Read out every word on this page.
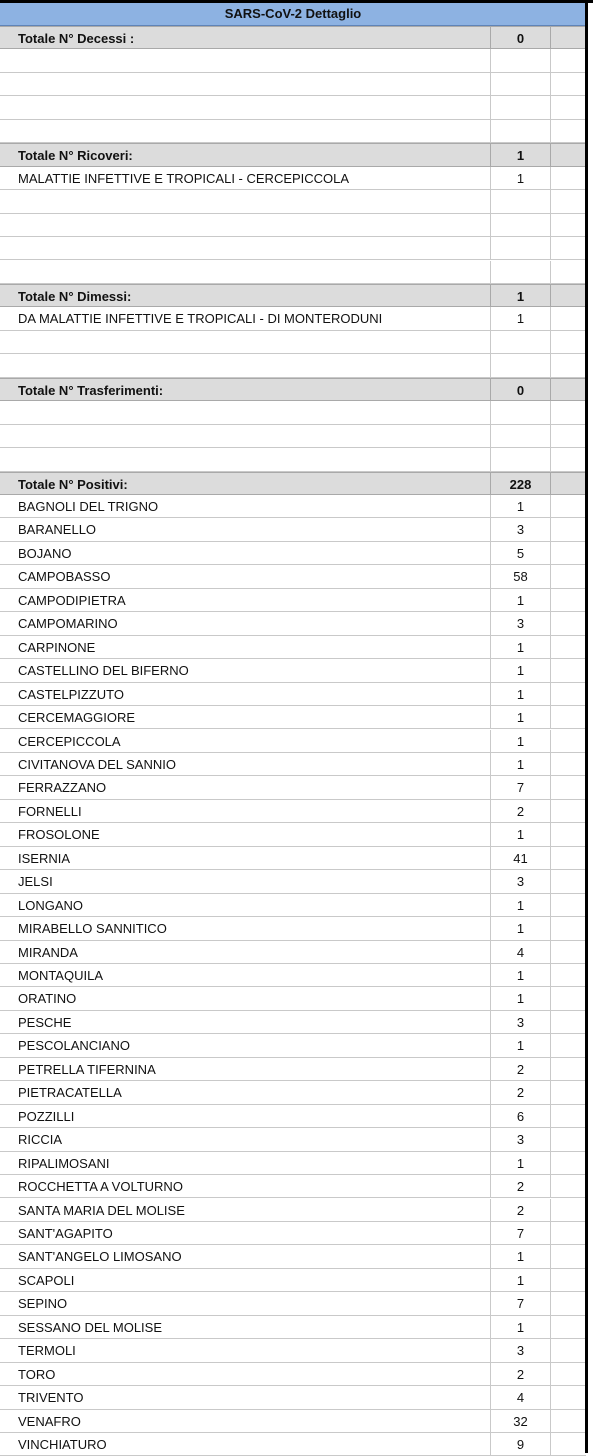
SARS-CoV-2 Dettaglio
Totale N° Decessi :	0
Totale N° Ricoveri:	1
MALATTIE INFETTIVE E TROPICALI - CERCEPICCOLA	1
Totale N° Dimessi:	1
DA MALATTIE INFETTIVE E TROPICALI - DI MONTERODUNI	1
Totale N° Trasferimenti:	0
Totale N° Positivi:	228
BAGNOLI DEL TRIGNO	1
BARANELLO	3
BOJANO	5
CAMPOBASSO	58
CAMPODIPIETRA	1
CAMPOMARINO	3
CARPINONE	1
CASTELLINO DEL BIFERNO	1
CASTELPIZZUTO	1
CERCEMAGGIORE	1
CERCEPICCOLA	1
CIVITANOVA DEL SANNIO	1
FERRAZZANO	7
FORNELLI	2
FROSOLONE	1
ISERNIA	41
JELSI	3
LONGANO	1
MIRABELLO SANNITICO	1
MIRANDA	4
MONTAQUILA	1
ORATINO	1
PESCHE	3
PESCOLANCIANO	1
PETRELLA TIFERNINA	2
PIETRACATELLA	2
POZZILLI	6
RICCIA	3
RIPALIMOSANI	1
ROCCHETTA A VOLTURNO	2
SANTA MARIA DEL MOLISE	2
SANT'AGAPITO	7
SANT'ANGELO LIMOSANO	1
SCAPOLI	1
SEPINO	7
SESSANO DEL MOLISE	1
TERMOLI	3
TORO	2
TRIVENTO	4
VENAFRO	32
VINCHIATURO	9
